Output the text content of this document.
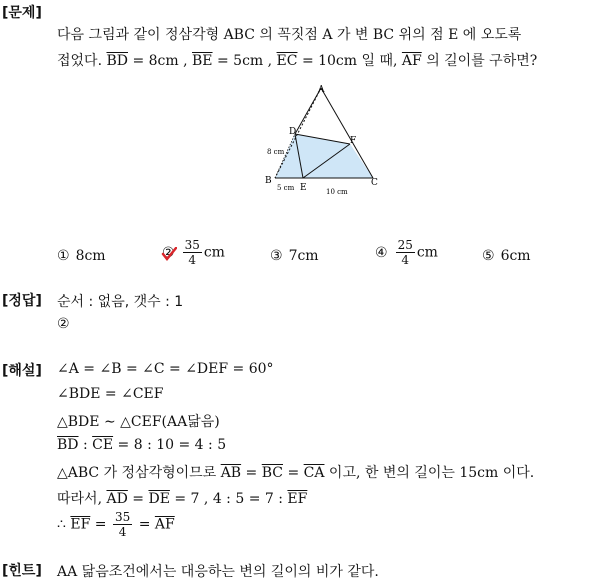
[문제]
[정답]
[해설]
[힌트]
다음 그림과 같이 정삼각형 ABC 의 꼭짓점 A 가 변 BC 위의 점 E 에 오도록
접었다. $\overline{BD} = 8cm$ , $\overline{BE} = 5cm$ , $\overline{EC} = 10cm$ 일 때, $\overline{AF}$ 의 길이를 구하면?
A
B	C
D
E
F
8 cm
5 cm	10 cm
① 8cm	② $\frac{35}{4}$ cm	③ 7cm	④ $\frac{25}{4}$ cm	⑤ 6cm
순서 : 없음, 갯수 : 1
②
∠A = ∠B = ∠C = ∠DEF = 60°
∠BDE = ∠CEF
△BDE ∼ △CEF(AA닮음)
$\overline{BD}$ : $\overline{CE} = 8$ : 10 = 4 : 5
△ABC 가 정삼각형이므로 $\overline{AB} = \overline{BC} = \overline{CA}$ 이고, 한 변의 길이는 15cm 이다.
따라서, $\overline{AD} = \overline{DE} = 7$ , 4 : 5 = 7 : $\overline{EF}$
∴ $\overline{EF} = \frac{35}{4} = \overline{AF}$
AA 닮음조건에서는 대응하는 변의 길이의 비가 같다.
